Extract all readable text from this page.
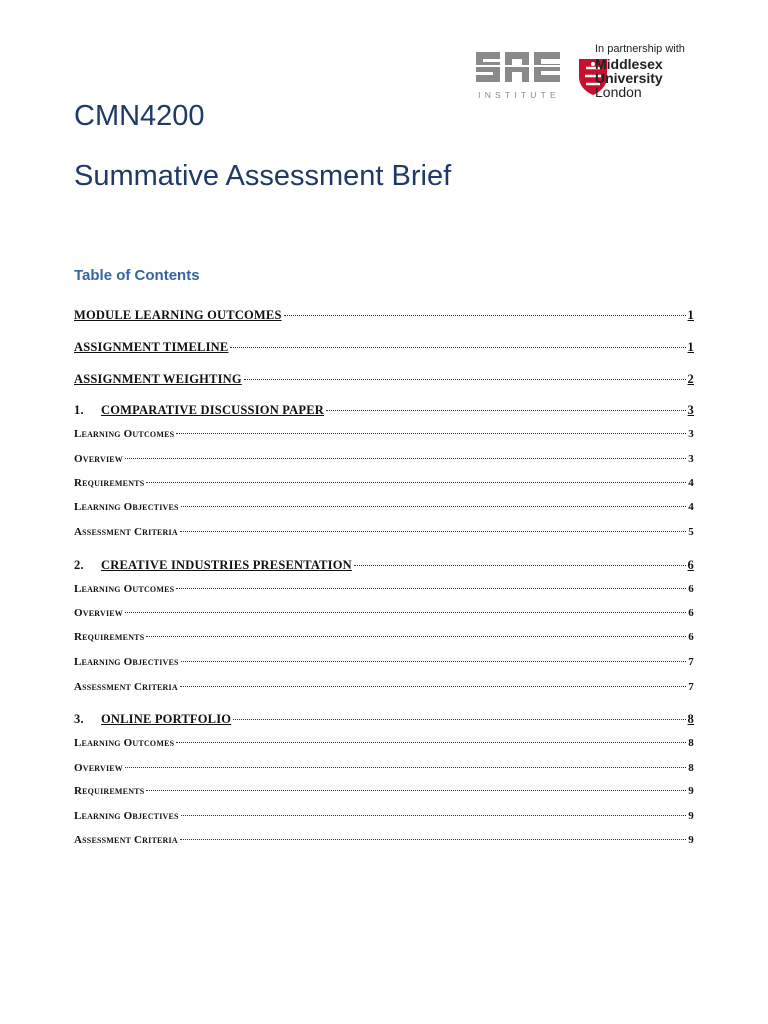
INSTITUTE
In partnership with
Middlesex
University
London
CMN4200
Summative Assessment Brief
Table of Contents
MODULE LEARNING OUTCOMES	1
ASSIGNMENT TIMELINE	1
ASSIGNMENT WEIGHTING	2
1. COMPARATIVE DISCUSSION PAPER	3
Learning Outcomes	3
Overview	3
Requirements	4
Learning Objectives	4
Assessment Criteria	5
2. CREATIVE INDUSTRIES PRESENTATION	6
Learning Outcomes	6
Overview	6
Requirements	6
Learning Objectives	7
Assessment Criteria	7
3. ONLINE PORTFOLIO	8
Learning Outcomes	8
Overview	8
Requirements	9
Learning Objectives	9
Assessment Criteria	9
